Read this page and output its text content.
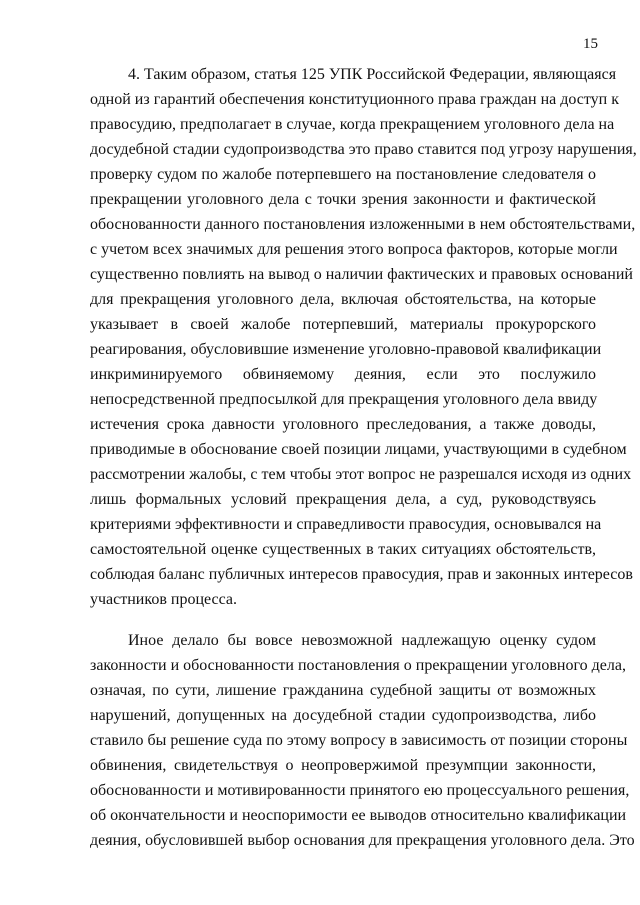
15
4. Таким образом, статья 125 УПК Российской Федерации, являющаяся
одной из гарантий обеспечения конституционного права граждан на доступ к
правосудию, предполагает в случае, когда прекращением уголовного дела на
досудебной стадии судопроизводства это право ставится под угрозу нарушения,
проверку судом по жалобе потерпевшего на постановление следователя о
прекращении уголовного дела с точки зрения законности и фактической
обоснованности данного постановления изложенными в нем обстоятельствами,
с учетом всех значимых для решения этого вопроса факторов, которые могли
существенно повлиять на вывод о наличии фактических и правовых оснований
для прекращения уголовного дела, включая обстоятельства, на которые
указывает в своей жалобе потерпевший, материалы прокурорского
реагирования, обусловившие изменение уголовно-правовой квалификации
инкриминируемого обвиняемому деяния, если это послужило
непосредственной предпосылкой для прекращения уголовного дела ввиду
истечения срока давности уголовного преследования, а также доводы,
приводимые в обоснование своей позиции лицами, участвующими в судебном
рассмотрении жалобы, с тем чтобы этот вопрос не разрешался исходя из одних
лишь формальных условий прекращения дела, а суд, руководствуясь
критериями эффективности и справедливости правосудия, основывался на
самостоятельной оценке существенных в таких ситуациях обстоятельств,
соблюдая баланс публичных интересов правосудия, прав и законных интересов
участников процесса.
Иное делало бы вовсе невозможной надлежащую оценку судом
законности и обоснованности постановления о прекращении уголовного дела,
означая, по сути, лишение гражданина судебной защиты от возможных
нарушений, допущенных на досудебной стадии судопроизводства, либо
ставило бы решение суда по этому вопросу в зависимость от позиции стороны
обвинения, свидетельствуя о неопровержимой презумпции законности,
обоснованности и мотивированности принятого ею процессуального решения,
об окончательности и неоспоримости ее выводов относительно квалификации
деяния, обусловившей выбор основания для прекращения уголовного дела. Это
